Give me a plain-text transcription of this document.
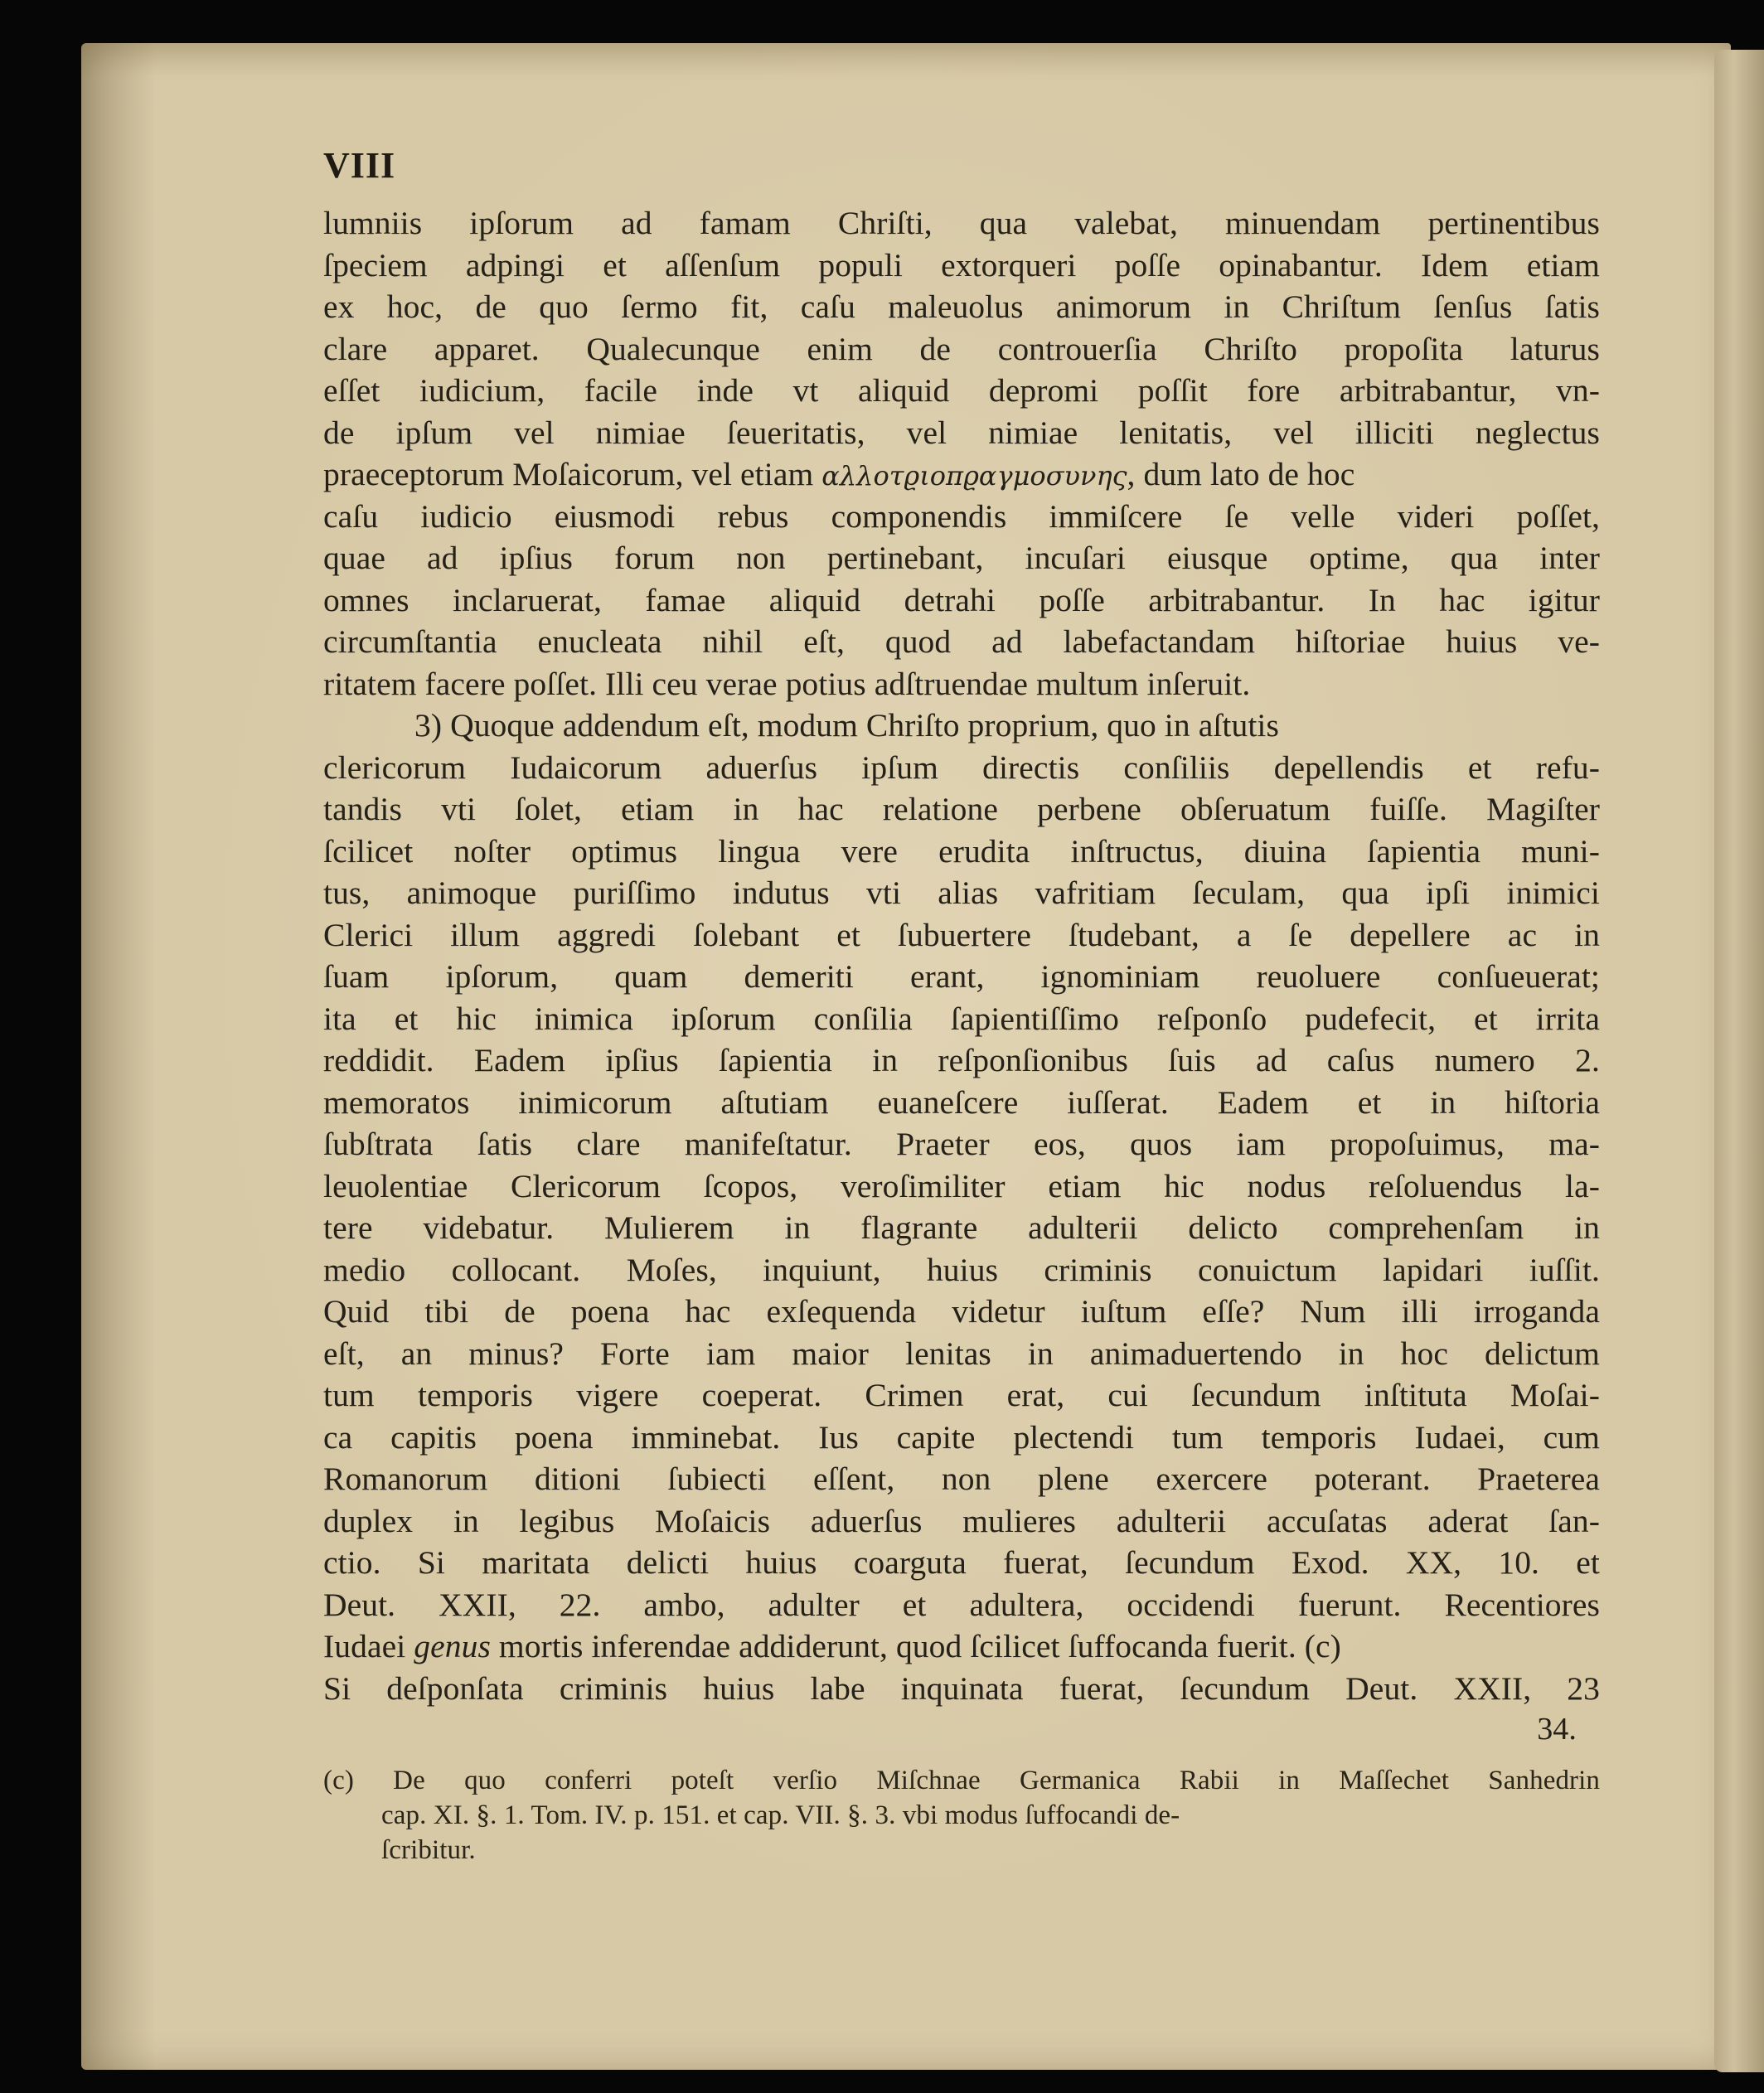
VIII
lumniis ipſorum ad famam Chriſti, qua valebat, minuendam pertinentibus
ſpeciem adpingi et aſſenſum populi extorqueri poſſe opinabantur. Idem etiam
ex hoc, de quo ſermo fit, caſu maleuolus animorum in Chriſtum ſenſus ſatis
clare apparet. Qualecunque enim de controuerſia Chriſto propoſita laturus
eſſet iudicium, facile inde vt aliquid depromi poſſit fore arbitrabantur, vn-
de ipſum vel nimiae ſeueritatis, vel nimiae lenitatis, vel illiciti neglectus
praeceptorum Moſaicorum, vel etiam αλλοτϱιοπϱαγμοσυνης, dum lato de hoc
caſu iudicio eiusmodi rebus componendis immiſcere ſe velle videri poſſet,
quae ad ipſius forum non pertinebant, incuſari eiusque optime, qua inter
omnes inclaruerat, famae aliquid detrahi poſſe arbitrabantur. In hac igitur
circumſtantia enucleata nihil eſt, quod ad labefactandam hiſtoriae huius ve-
ritatem facere poſſet. Illi ceu verae potius adſtruendae multum inſeruit.
3) Quoque addendum eſt, modum Chriſto proprium, quo in aſtutis
clericorum Iudaicorum aduerſus ipſum directis conſiliis depellendis et refu-
tandis vti ſolet, etiam in hac relatione perbene obſeruatum fuiſſe. Magiſter
ſcilicet noſter optimus lingua vere erudita inſtructus, diuina ſapientia muni-
tus, animoque puriſſimo indutus vti alias vafritiam ſeculam, qua ipſi inimici
Clerici illum aggredi ſolebant et ſubuertere ſtudebant, a ſe depellere ac in
ſuam ipſorum, quam demeriti erant, ignominiam reuoluere conſueuerat;
ita et hic inimica ipſorum conſilia ſapientiſſimo reſponſo pudefecit, et irrita
reddidit. Eadem ipſius ſapientia in reſponſionibus ſuis ad caſus numero 2.
memoratos inimicorum aſtutiam euaneſcere iuſſerat. Eadem et in hiſtoria
ſubſtrata ſatis clare manifeſtatur. Praeter eos, quos iam propoſuimus, ma-
leuolentiae Clericorum ſcopos, veroſimiliter etiam hic nodus reſoluendus la-
tere videbatur. Mulierem in flagrante adulterii delicto comprehenſam in
medio collocant. Moſes, inquiunt, huius criminis conuictum lapidari iuſſit.
Quid tibi de poena hac exſequenda videtur iuſtum eſſe? Num illi irroganda
eſt, an minus? Forte iam maior lenitas in animaduertendo in hoc delictum
tum temporis vigere coeperat. Crimen erat, cui ſecundum inſtituta Moſai-
ca capitis poena imminebat. Ius capite plectendi tum temporis Iudaei, cum
Romanorum ditioni ſubiecti eſſent, non plene exercere poterant. Praeterea
duplex in legibus Moſaicis aduerſus mulieres adulterii accuſatas aderat ſan-
ctio. Si maritata delicti huius coarguta fuerat, ſecundum Exod. XX, 10. et
Deut. XXII, 22. ambo, adulter et adultera, occidendi fuerunt. Recentiores
Iudaei genus mortis inferendae addiderunt, quod ſcilicet ſuffocanda fuerit. (c)
Si deſponſata criminis huius labe inquinata fuerat, ſecundum Deut. XXII, 23
34.
(c) De quo conferri poteſt verſio Miſchnae Germanica Rabii in Maſſechet Sanhedrin
cap. XI. §. 1. Tom. IV. p. 151. et cap. VII. §. 3. vbi modus ſuffocandi de-
ſcribitur.
